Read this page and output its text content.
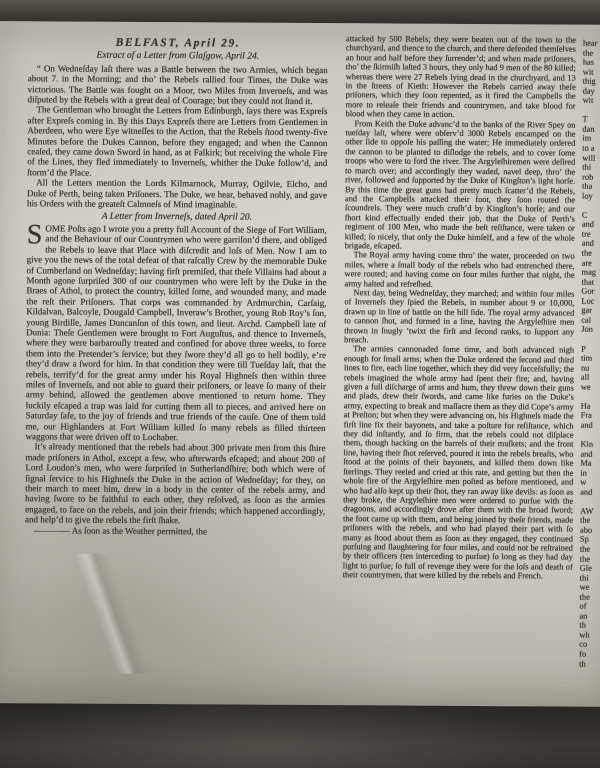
BELFAST, April 29.
Extract of a Letter from Glaſgow, April 24.

“ On Wedneſday laſt there was a Battle between the two Armies, which began about 7. in the Morning; and tho’ the Rebels rallied four Times, the Duke was victorious. The Battle was fought on a Moor, two Miles from Inverneſs, and was diſputed by the Rebels with a great deal of Courage; but they could not ſtand it.

The Gentleman who brought the Letters from Edinburgh, ſays there was Expreſs after Expreſs coming in. By this Days Expreſs there are Letters from Gentlemen in Aberdeen, who were Eye witneſſes to the Action, that the Rebels ſtood twenty-five Minutes before the Dukes Cannon, before they engaged; and when the Cannon ceaſed, they came down Sword in hand, as at Falkirk; but receiving the whole Fire of the Lines, they fled immediately to Inverneſs, whither the Duke follow’d, and ſtorm’d the Place.

All the Letters mention the Lords Kilmarnock, Murray, Ogilvie, Elcho, and Duke of Perth, being taken Priſoners. The Duke, we hear, behaved nobly, and gave his Orders with the greateſt Calmneſs of Mind imaginable.

A Letter from Inverneſs, dated April 20.

SOME Poſts ago I wrote you a pretty full Account of the Siege of Fort William, and the Behaviour of our Countrymen who were garriſon’d there, and obliged the Rebels to leave that Place with diſcredit and loſs of Men. Now I am to give you the news of the total defeat of that raſcally Crew by the memorable Duke of Cumberland on Wedneſday; having firſt premiſed, that theſe Villains had about a Month agone ſurpriſed 300 of our countrymen who were left by the Duke in the Braes of Athol, to protect the country, killed ſome, and wounded many, and made the reſt their Priſoners. That corps was commanded by Ardmurchin, Carſaig, Kildalvan, Balcoyle, Dougald Campbell, Inveraw’s Brother, young Rob Roy’s ſon, young Birdille, James Duncanſon of this town, and lieut. Archd. Campbell late of Dunia: Theſe Gentlemen were brought to Fort Auguſtus, and thence to Inverneſs, where they were barbarouſly treated and confined for above three weeks, to force them into the Pretender’s ſervice; but they ſwore they’d all go to hell bodily, e’re they’d draw a ſword for him. In that condition they were till Tueſday laſt, that the rebels, terrify’d for the great army under his Royal Highneſs then within three miles of Inverneſs, and not able to guard their priſoners, or leave ſo many of their army behind, allowed the gentlemen above mentioned to return home. They luckily eſcaped a trap was laid for cutting them all to pieces, and arrived here on Saturday ſafe, to the joy of friends and true friends of the cauſe. One of them told me, our Highlanders at Fort William killed ſo many rebels as filled thirteen waggons that were driven off to Lochaber.

It’s already mentioned that the rebels had about 300 private men from this ſhire made priſoners in Athol, except a few, who afterwards eſcaped; and about 200 of Lord Loudon’s men, who were ſurpriſed in Sutherlandſhire; both which were of ſignal ſervice to his Highneſs the Duke in the action of Wedneſday; for they, on their march to meet him, drew in a body in the center of the rebels army, and having ſwore to be faithful to each other, they reſolved, as ſoon as the armies engaged, to face on the rebels, and join their friends; which happened accordingly, and help’d to give the rebels the firſt ſhake.

———— As ſoon as the Weather permitted, the

attacked by 500 Rebels; they were beaten out of the town to the churchyard, and thence to the church, and there defended themſelves an hour and half before they ſurrender’d; and when made priſoners, tho’ the ſkirmiſh laſted 3 hours, they only had 9 men of the 80 killed; whereas there were 27 Rebels lying dead in the churchyard, and 13 in the ſtreets of Kieth: However the Rebels carried away theſe priſoners, which they ſoon repented, as it fired the Campbells the more to releaſe their friends and countrymen, and take blood for blood when they came in action.

From Keith the Duke advanc’d to the banks of the River Spey on tueſday laſt, where were obſerv’d 3000 Rebels encamped on the other ſide to oppoſe his paſſing the water; He immediately ordered the cannon to be planted to diſlodge the rebels, and to cover ſome troops who were to ford the river. The Argyleſhiremen were deſired to march over; and accordingly they waded, navel deep, thro’ the river, followed and ſupported by the Duke of Kingſton’s light horſe. By this time the great guns had pretty much ſcatter’d the Rebels, and the Campbells attacked their foot, they ſoon routed the ſcoundrels. They were much cruſh’d by Kingſton’s horſe; and our ſhort kind effectually ended their job, that the Duke of Perth’s regiment of 100 Men, who made the beſt reſiſtance, were taken or killed; ſo nicely, that only the Duke himſelf, and a few of the whole brigade, eſcaped.

The Royal army having come thro’ the water, proceeded on two miles, where a ſmall body of the rebels who had entrenched there, were routed; and having come on four miles further that night, the army halted and refreſhed.

Next day, being Wedneſday, they marched; and within four miles of Inverneſs they ſpied the Rebels, in number about 9 or 10,000, drawn up in line of battle on the hill ſide. The royal army advanced to cannon ſhot, and formed in a line, having the Argyleſhire men thrown in ſnugly ’twixt the firſt and ſecond ranks, to ſupport any breach.

The armies cannonaded ſome time, and both advanced nigh enough for ſmall arms; when the Duke ordered the ſecond and third lines to fire, each line together, which they did very ſucceſsfully; the rebels imagined the whole army had ſpent their fire; and, having given a full diſcharge of arms and hum, they threw down their guns and plads, drew their ſwords, and came like furies on the Duke’s army, expecting to break and maſſacre them as they did Cope’s army at Preſton; but when they were advancing on, his Highneſs made the firſt line fix their bayonets, and take a poſture for reſiſtance, which they did inſtantly, and ſo firm, that the rebels could not diſplace them, though hacking on the barrels of their muſkets; and the front line, having their ſhot reſerved, poured it into the rebels breaſts, who ſtood at the points of their bayonets, and killed them down like ſterlings. They reeled and cried at this rate, and getting but then the whole fire of the Argyleſhire men poſted as before mentioned, and who had alſo kept up their ſhot, they ran away like devils: as ſoon as they broke, the Argyleſhire men were ordered to purſue with the dragoons, and accordingly drove after them with the broad ſword; the foot came up with them, and being joined by theſe friends, made priſoners with the rebels, and who had played their part with ſo many as ſtood about them as ſoon as they engaged, they continued purſuing and ſlaughtering for four miles, and could not be reſtrained by their officers (ten interceding to purſue) ſo long as they had day light to purſue; ſo full of revenge they were for the loſs and death of their countrymen, that were killed by the rebels and French.

hear
the
has
wit
thig
day
wit

T
dan
im
to a
will
thi
rob
tha
loy

C
and
tre
and
the
are
mag
that
Gor
Loc
gar
cal
Jon

P
tim
nu
all
we

Ha
Fra
and

Kin
and
Ma
in
w
and

AW
the
abo
Sp
the
the
Gle
thi
we
the
of
an
th
wh
co
fo
th
